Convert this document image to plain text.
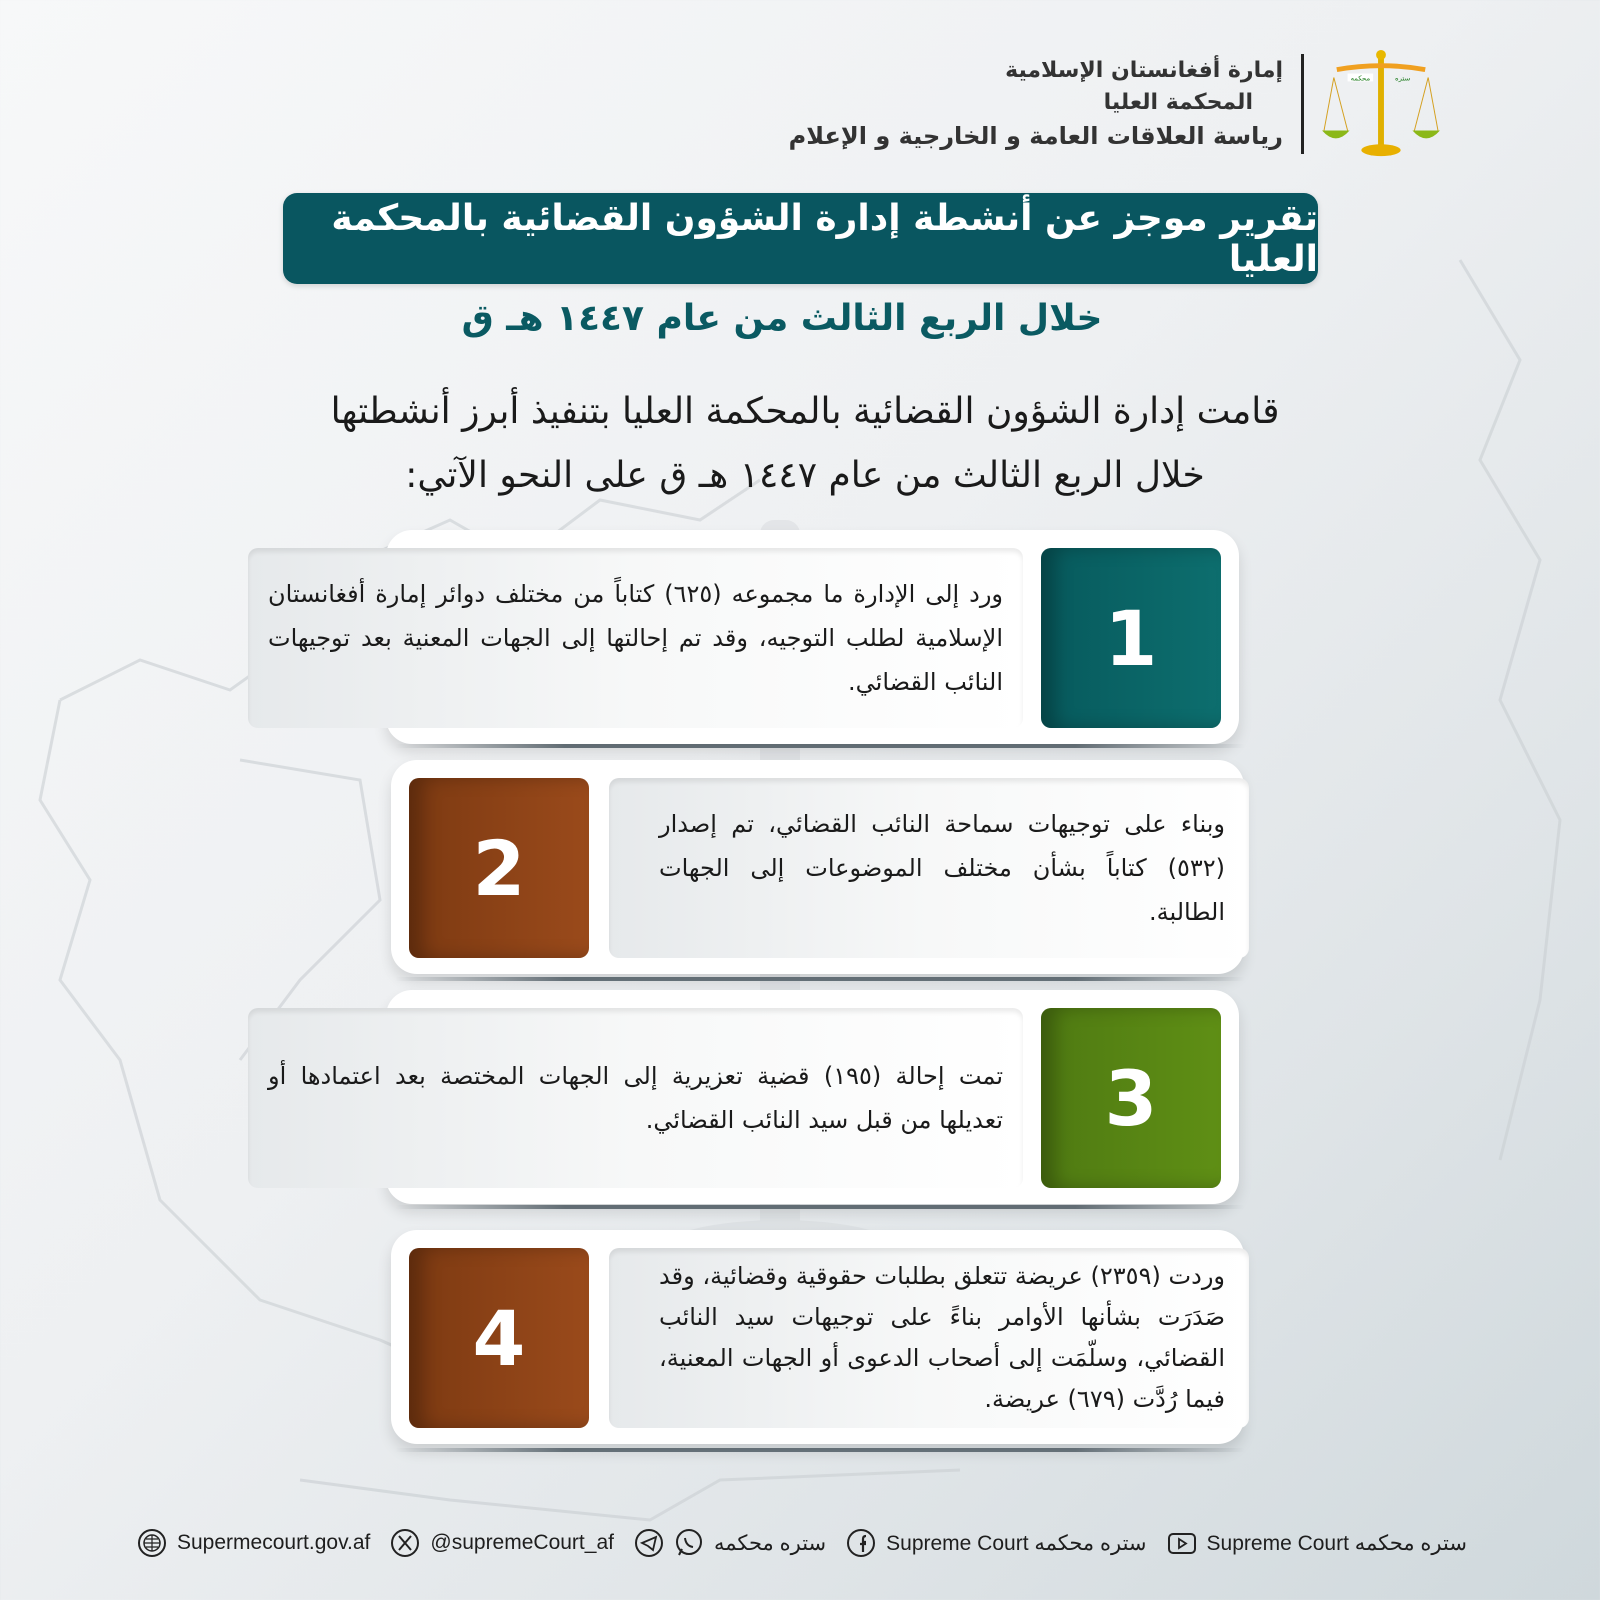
محکمه	ستره
إمارة أفغانستان الإسلامية
المحكمة العليا
رياسة العلاقات العامة و الخارجية و الإعلام
تقرير موجز عن أنشطة إدارة الشؤون القضائية بالمحكمة العليا
خلال الربع الثالث من عام ١٤٤٧ هـ ق
قامت إدارة الشؤون القضائية بالمحكمة العليا بتنفيذ أبرز أنشطتها
خلال الربع الثالث من عام ١٤٤٧ هـ ق على النحو الآتي:
1

ورد إلى الإدارة ما مجموعه (٦٢٥) كتاباً من مختلف دوائر إمارة أفغانستان الإسلامية لطلب التوجيه، وقد تم إحالتها إلى الجهات المعنية بعد توجيهات النائب القضائي.

2	وبناء على توجيهات سماحة النائب القضائي، تم إصدار (٥٣٢) كتاباً بشأن مختلف الموضوعات إلى الجهات الطالبة.

3

تمت إحالة (١٩٥) قضية تعزيرية إلى الجهات المختصة بعد اعتمادها أو تعديلها من قبل سيد النائب القضائي.

4

وردت (٢٣٥٩) عريضة تتعلق بطلبات حقوقية وقضائية، وقد صَدَرَت بشأنها الأوامر بناءً على توجيهات سيد النائب القضائي، وسلّمَت إلى أصحاب الدعوى أو الجهات المعنية، فيما رُدَّت (٦٧٩) عريضة.

Supermecourt.gov.af	@supremeCourt_af	ستره محکمه	Supreme Court ستره محکمه	Supreme Court ستره محکمه
